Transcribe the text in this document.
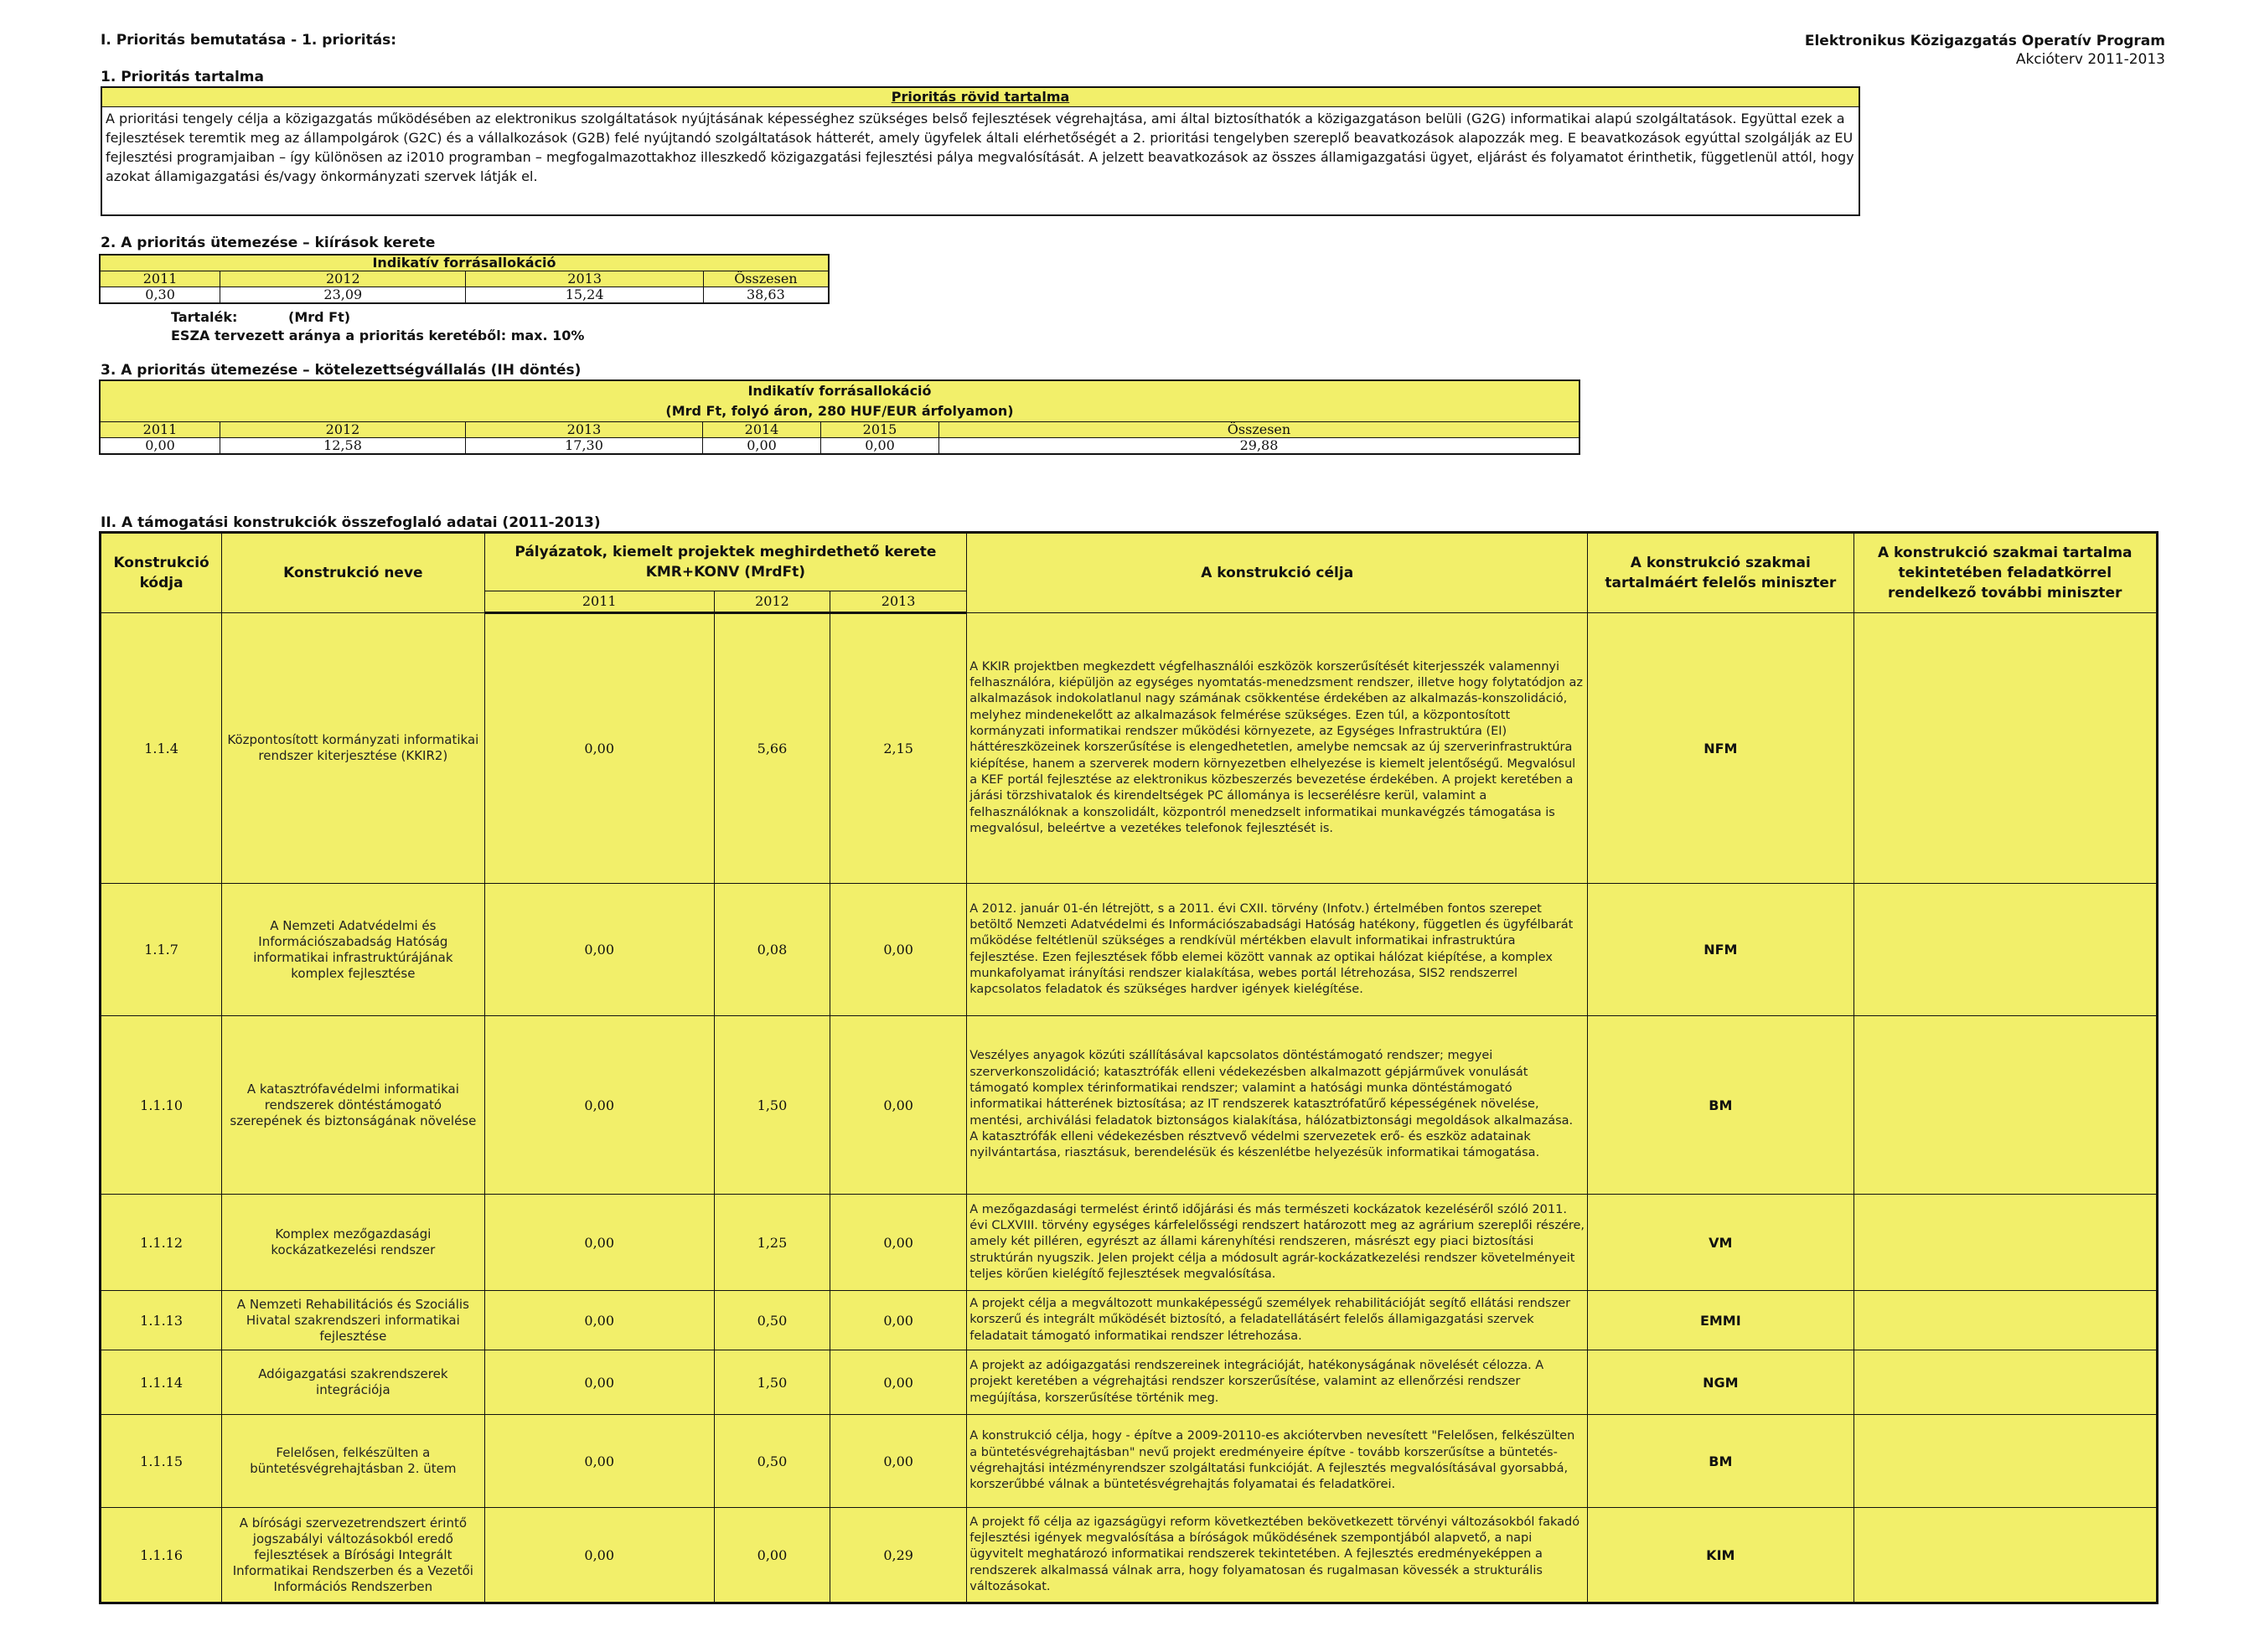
I. Prioritás bemutatása - 1. prioritás:	Elektronikus Közigazgatás Operatív Program
Akcióterv 2011-2013
1. Prioritás tartalma
Prioritás rövid tartalma
A prioritási tengely célja a közigazgatás működésében az elektronikus szolgáltatások nyújtásának képességhez szükséges belső fejlesztések végrehajtása, ami által biztosíthatók a közigazgatáson belüli (G2G) informatikai alapú szolgáltatások. Együttal ezek a fejlesztések teremtik meg az állampolgárok (G2C) és a vállalkozások (G2B) felé nyújtandó szolgáltatások hátterét, amely ügyfelek általi elérhetőségét a 2. prioritási tengelyben szereplő beavatkozások alapozzák meg. E beavatkozások egyúttal szolgálják az EU fejlesztési programjaiban – így különösen az i2010 programban – megfogalmazottakhoz illeszkedő közigazgatási fejlesztési pálya megvalósítását. A jelzett beavatkozások az összes államigazgatási ügyet, eljárást és folyamatot érinthetik, függetlenül attól, hogy azokat államigazgatási és/vagy önkormányzati szervek látják el.
2. A prioritás ütemezése – kiírások kerete
Indikatív forrásallokáció			
2011	2012	2013	Összesen
0,30	23,09	15,24	38,63
Tartalék:	(Mrd Ft)
ESZA tervezett aránya a prioritás keretéből: max. 10%
3. A prioritás ütemezése – kötelezettségvállalás (IH döntés)
Indikatív forrásallokáció
(Mrd Ft, folyó áron, 280 HUF/EUR árfolyamon)					

2011	2012	2013	2014	2015	Összesen
0,00	12,58	17,30	0,00	0,00	29,88
II. A támogatási konstrukciók összefoglaló adatai (2011-2013)
Konstrukció kódja	Konstrukció neve	Pályázatok, kiemelt projektek meghirdethető kerete KMR+KONV (MrdFt)			A konstrukció célja	A konstrukció szakmai tartalmáért felelős miniszter	A konstrukció szakmai tartalma tekintetében feladatkörrel rendelkező további miniszter
		2011	2012	2013			
1.1.4	Központosított kormányzati informatikai rendszer kiterjesztése (KKIR2)	0,00	5,66	2,15	A KKIR projektben megkezdett végfelhasználói eszközök korszerűsítését kiterjesszék valamennyi felhasználóra, kiépüljön az egységes nyomtatás-menedzsment rendszer, illetve hogy folytatódjon az alkalmazások indokolatlanul nagy számának csökkentése érdekében az alkalmazás-konszolidáció, melyhez mindenekelőtt az alkalmazások felmérése szükséges. Ezen túl, a központosított kormányzati informatikai rendszer működési környezete, az Egységes Infrastruktúra (EI) háttéreszközeinek korszerűsítése is elengedhetetlen, amelybe nemcsak az új szerverinfrastruktúra kiépítése, hanem a szerverek modern környezetben elhelyezése is kiemelt jelentőségű. Megvalósul a KEF portál fejlesztése az elektronikus közbeszerzés bevezetése érdekében. A projekt keretében a járási törzshivatalok és kirendeltségek PC állománya is lecserélésre kerül, valamint a felhasználóknak a konszolidált, központról menedzselt informatikai munkavégzés támogatása is megvalósul, beleértve a vezetékes telefonok fejlesztését is.	NFM	
1.1.7	A Nemzeti Adatvédelmi és Információszabadság Hatóság informatikai infrastruktúrájának komplex fejlesztése	0,00	0,08	0,00	A 2012. január 01-én létrejött, s a 2011. évi CXII. törvény (Infotv.) értelmében fontos szerepet betöltő Nemzeti Adatvédelmi és Információszabadsági Hatóság hatékony, független és ügyfélbarát működése feltétlenül szükséges a rendkívül mértékben elavult informatikai infrastruktúra fejlesztése. Ezen fejlesztések főbb elemei között vannak az optikai hálózat kiépítése, a komplex munkafolyamat irányítási rendszer kialakítása, webes portál létrehozása, SIS2 rendszerrel kapcsolatos feladatok és szükséges hardver igények kielégítése.	NFM	
1.1.10	A katasztrófavédelmi informatikai rendszerek döntéstámogató szerepének és biztonságának növelése	0,00	1,50	0,00	Veszélyes anyagok közúti szállításával kapcsolatos döntéstámogató rendszer; megyei szerverkonszolidáció; katasztrófák elleni védekezésben alkalmazott gépjárművek vonulását támogató komplex térinformatikai rendszer; valamint a hatósági munka döntéstámogató informatikai hátterének biztosítása; az IT rendszerek katasztrófatűrő képességének növelése, mentési, archiválási feladatok biztonságos kialakítása, hálózatbiztonsági megoldások alkalmazása. A katasztrófák elleni védekezésben résztvevő védelmi szervezetek erő- és eszköz adatainak nyilvántartása, riasztásuk, berendelésük és készenlétbe helyezésük informatikai támogatása.	BM	
1.1.12	Komplex mezőgazdasági kockázatkezelési rendszer	0,00	1,25	0,00	A mezőgazdasági termelést érintő időjárási és más természeti kockázatok kezeléséről szóló 2011. évi CLXVIII. törvény egységes kárfelelősségi rendszert határozott meg az agrárium szereplői részére, amely két pilléren, egyrészt az állami kárenyhítési rendszeren, másrészt egy piaci biztosítási struktúrán nyugszik. Jelen projekt célja a módosult agrár-kockázatkezelési rendszer követelményeit teljes körűen kielégítő fejlesztések megvalósítása.	VM	
1.1.13	A Nemzeti Rehabilitációs és Szociális Hivatal szakrendszeri informatikai fejlesztése	0,00	0,50	0,00	A projekt célja a megváltozott munkaképességű személyek rehabilitációját segítő ellátási rendszer korszerű és integrált működését biztosító, a feladatellátásért felelős államigazgatási szervek feladatait támogató informatikai rendszer létrehozása.	EMMI	
1.1.14	Adóigazgatási szakrendszerek integrációja	0,00	1,50	0,00	A projekt az adóigazgatási rendszereinek integrációját, hatékonyságának növelését célozza. A projekt keretében a végrehajtási rendszer korszerűsítése, valamint az ellenőrzési rendszer megújítása, korszerűsítése történik meg.	NGM	
1.1.15	Felelősen, felkészülten a büntetésvégrehajtásban 2. ütem	0,00	0,50	0,00	A konstrukció célja, hogy - építve a 2009-20110-es akciótervben nevesített "Felelősen, felkészülten a büntetésvégrehajtásban" nevű projekt eredményeire építve - tovább korszerűsítse a büntetés-végrehajtási intézményrendszer szolgáltatási funkcióját. A fejlesztés megvalósításával gyorsabbá, korszerűbbé válnak a büntetésvégrehajtás folyamatai és feladatkörei.	BM	
1.1.16	A bírósági szervezetrendszert érintő jogszabályi változásokból eredő fejlesztések a Bírósági Integrált Informatikai Rendszerben és a Vezetői Információs Rendszerben	0,00	0,00	0,29	A projekt fő célja az igazságügyi reform következtében bekövetkezett törvényi változásokból fakadó fejlesztési igények megvalósítása a bíróságok működésének szempontjából alapvető, a napi ügyvitelt meghatározó informatikai rendszerek tekintetében. A fejlesztés eredményeképpen a rendszerek alkalmassá válnak arra, hogy folyamatosan és rugalmasan kövessék a strukturális változásokat.	KIM	
